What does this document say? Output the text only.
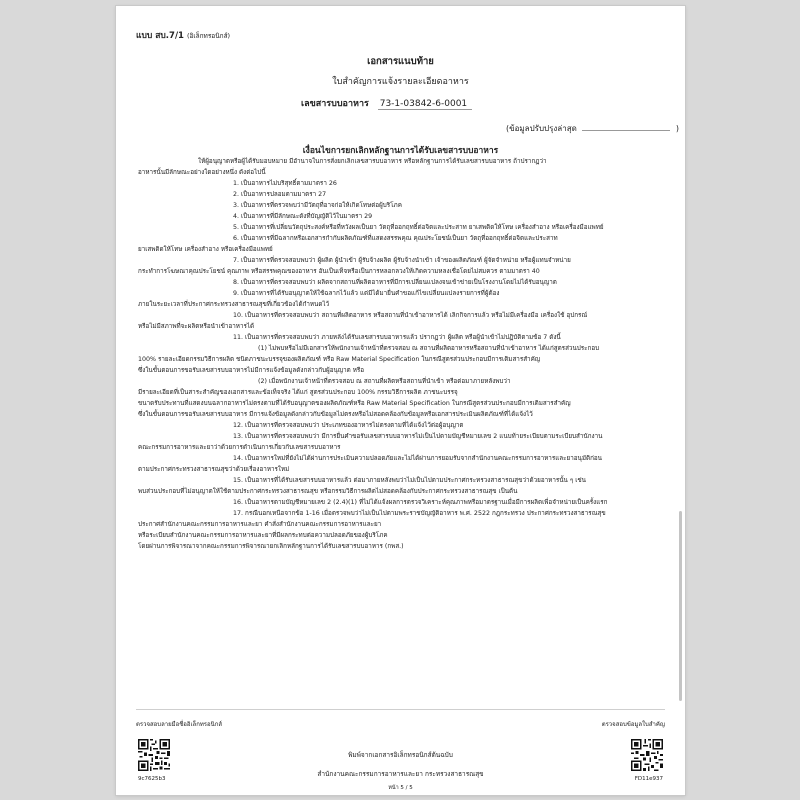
แบบ สบ.7/1 (อิเล็กทรอนิกส์)
เอกสารแนบท้าย
ใบสำคัญการแจ้งรายละเอียดอาหาร
เลขสารบบอาหาร 73-1-03842-6-0001
(ข้อมูลปรับปรุงล่าสุด	)
เงื่อนไขการยกเลิกหลักฐานการได้รับเลขสารบบอาหาร

ให้ผู้อนุญาตหรือผู้ได้รับมอบหมาย มีอำนาจในการสั่งยกเลิกเลขสารบบอาหาร หรือหลักฐานการได้รับเลขสารบบอาหาร ถ้าปรากฏว่า

อาหารนั้นมีลักษณะอย่างใดอย่างหนึ่ง ดังต่อไปนี้

1. เป็นอาหารไม่บริสุทธิ์ตามมาตรา 26

2. เป็นอาหารปลอมตามมาตรา 27

3. เป็นอาหารที่ตรวจพบว่ามีวัตถุที่อาจก่อให้เกิดโทษต่อผู้บริโภค

4. เป็นอาหารที่มีลักษณะดังที่บัญญัติไว้ในมาตรา 29

5. เป็นอาหารที่เปลี่ยนวัตถุประสงค์หรือที่หวังผลเป็นยา วัตถุที่ออกฤทธิ์ต่อจิตและประสาท ยาเสพติดให้โทษ เครื่องสำอาง หรือเครื่องมือแพทย์

6. เป็นอาหารที่มีฉลากหรือเอกสารกำกับผลิตภัณฑ์ที่แสดงสรรพคุณ คุณประโยชน์เป็นยา วัตถุที่ออกฤทธิ์ต่อจิตและประสาท

ยาเสพติดให้โทษ เครื่องสำอาง หรือเครื่องมือแพทย์

7. เป็นอาหารที่ตรวจสอบพบว่า ผู้ผลิต ผู้นำเข้า ผู้รับจ้างผลิต ผู้รับจ้างนำเข้า เจ้าของผลิตภัณฑ์ ผู้จัดจำหน่าย หรือผู้แทนจำหน่าย

กระทำการโฆษณาคุณประโยชน์ คุณภาพ หรือสรรพคุณของอาหาร อันเป็นเท็จหรือเป็นการหลอกลวงให้เกิดความหลงเชื่อโดยไม่สมควร ตามมาตรา 40

8. เป็นอาหารที่ตรวจสอบพบว่า ผลิตจากสถานที่ผลิตอาหารที่มีการเปลี่ยนแปลงจนเข้าข่ายเป็นโรงงานโดยไม่ได้รับอนุญาต

9. เป็นอาหารที่ได้รับอนุญาตให้ใช้ฉลากไว้แล้ว แต่มีได้มายื่นคำขอแก้ไขเปลี่ยนแปลงรายการที่ผู้ต้อง

ภายในระยะเวลาที่ประกาศกระทรวงสาธารณสุขที่เกี่ยวข้องได้กำหนดไว้

10. เป็นอาหารที่ตรวจสอบพบว่า สถานที่ผลิตอาหาร หรือสถานที่นำเข้าอาหารได้ เลิกกิจการแล้ว หรือไม่มีเครื่องมือ เครื่องใช้ อุปกรณ์

หรือไม่มีสภาพที่จะผลิตหรือนำเข้าอาหารได้

11. เป็นอาหารที่ตรวจสอบพบว่า ภายหลังได้รับเลขสารบบอาหารแล้ว ปรากฏว่า ผู้ผลิต หรือผู้นำเข้าไม่ปฏิบัติตามข้อ 7 ดังนี้

(1) ไม่พบหรือไม่มีเอกสารให้พนักงานเจ้าหน้าที่ตรวจสอบ ณ สถานที่ผลิตอาหารหรือสถานที่นำเข้าอาหาร ได้แก่สูตรส่วนประกอบ

100% รายละเอียดกรรมวิธีการผลิต ชนิดภาชนะบรรจุของผลิตภัณฑ์ หรือ Raw Material Specification ในกรณีสูตรส่วนประกอบมีการเติมสารสำคัญ

ซึ่งในขั้นตอนการขอรับเลขสารบบอาหารไม่มีการแจ้งข้อมูลดังกล่าวกับผู้อนุญาต หรือ

(2) เมื่อพนักงานเจ้าหน้าที่ตรวจสอบ ณ สถานที่ผลิตหรือสถานที่นำเข้า หรือต่อมาภายหลังพบว่า

มีรายละเอียดที่เป็นสาระสำคัญของเอกสารและข้อเท็จจริง ได้แก่ สูตรส่วนประกอบ 100% กรรมวิธีการผลิต ภาชนะบรรจุ

ขนาดรับประทานที่แสดงบนฉลากอาหารไม่ตรงตามที่ได้รับอนุญาตของผลิตภัณฑ์หรือ Raw Material Specification ในกรณีสูตรส่วนประกอบมีการเติมสารสำคัญ

ซึ่งในขั้นตอนการขอรับเลขสารบบอาหาร มีการแจ้งข้อมูลดังกล่าวกับข้อมูลไม่ตรงหรือไม่สอดคล้องกับข้อมูลหรือเอกสารประเมินผลิตภัณฑ์ที่ได้แจ้งไว้

12. เป็นอาหารที่ตรวจสอบพบว่า ประเภทของอาหารไม่ตรงตามที่ได้แจ้งไว้ต่อผู้อนุญาต

13. เป็นอาหารที่ตรวจสอบพบว่า มีการยื่นคำขอรับเลขสารบบอาหารไม่เป็นไปตามบัญชีหมายเลข 2 แนบท้ายระเบียบตามระเบียบสำนักงาน

คณะกรรมการอาหารและยาว่าด้วยการดำเนินการเกี่ยวกับเลขสารบบอาหาร

14. เป็นอาหารใหม่ที่ยังไม่ได้ผ่านการประเมินความปลอดภัยและไม่ได้ผ่านการยอมรับจากสำนักงานคณะกรรมการอาหารและยาอนุมัติก่อน

ตามประกาศกระทรวงสาธารณสุขว่าด้วยเรื่องอาหารใหม่

15. เป็นอาหารที่ได้รับเลขสารบบอาหารแล้ว ต่อมาภายหลังพบว่าไม่เป็นไปตามประกาศกระทรวงสาธารณสุขว่าด้วยอาหารนั้น ๆ เช่น

พบส่วนประกอบที่ไม่อนุญาตให้ใช้ตามประกาศกระทรวงสาธารณสุข หรือกรรมวิธีการผลิตไม่สอดคล้องกับประกาศกระทรวงสาธารณสุข เป็นต้น

16. เป็นอาหารตามบัญชีหมายเลข 2 (2.4)(1) ที่ไม่ได้แจ้งผลการตรวจวิเคราะห์คุณภาพหรือมาตรฐานเมื่อมีการผลิตเพื่อจำหน่ายเป็นครั้งแรก

17. กรณีนอกเหนือจากข้อ 1-16 เมื่อตรวจพบว่าไม่เป็นไปตามพระราชบัญญัติอาหาร พ.ศ. 2522 กฎกระทรวง ประกาศกระทรวงสาธารณสุข

ประกาศสำนักงานคณะกรรมการอาหารและยา คำสั่งสำนักงานคณะกรรมการอาหารและยา

หรือระเบียบสำนักงานคณะกรรมการอาหารและยาที่มีผลกระทบต่อความปลอดภัยของผู้บริโภค

โดยผ่านการพิจารณาจากคณะกรรมการพิจารณายกเลิกหลักฐานการได้รับเลขสารบบอาหาร (กพส.)

ตรวจสอบลายมือชื่ออิเล็กทรอนิกส์	ตรวจสอบข้อมูลใบสำคัญ
9c7625b3	FD11e937
พิมพ์จากเอกสารอิเล็กทรอนิกส์ต้นฉบับ
สำนักงานคณะกรรมการอาหารและยา กระทรวงสาธารณสุข
หน้า 5 / 5
